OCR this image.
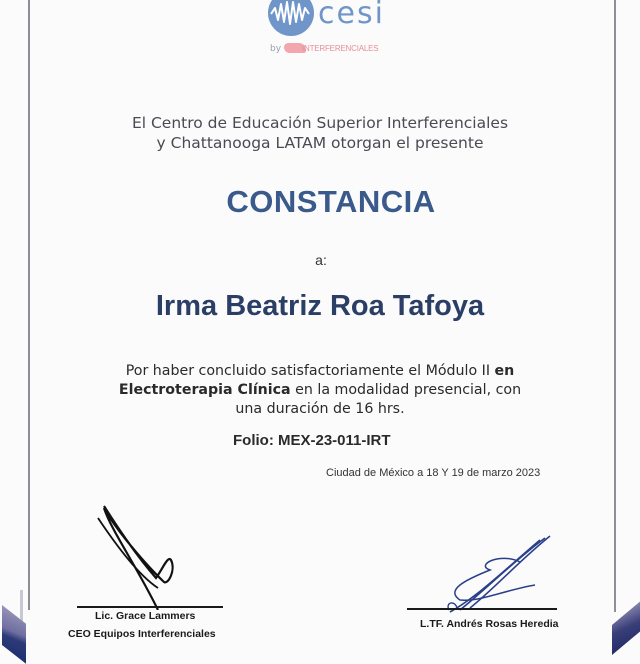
cesi
by	INTERFERENCIALES
El Centro de Educación Superior Interferenciales
y Chattanooga LATAM otorgan el presente
CONSTANCIA
a:
Irma Beatriz Roa Tafoya
Por haber concluido satisfactoriamente el Módulo II en
Electroterapia Clínica en la modalidad presencial, con
una duración de 16 hrs.
Folio: MEX-23-011-IRT
Ciudad de México a 18 Y 19 de marzo 2023
Lic. Grace Lammers
CEO Equipos Interferenciales
L.TF. Andrés Rosas Heredia
